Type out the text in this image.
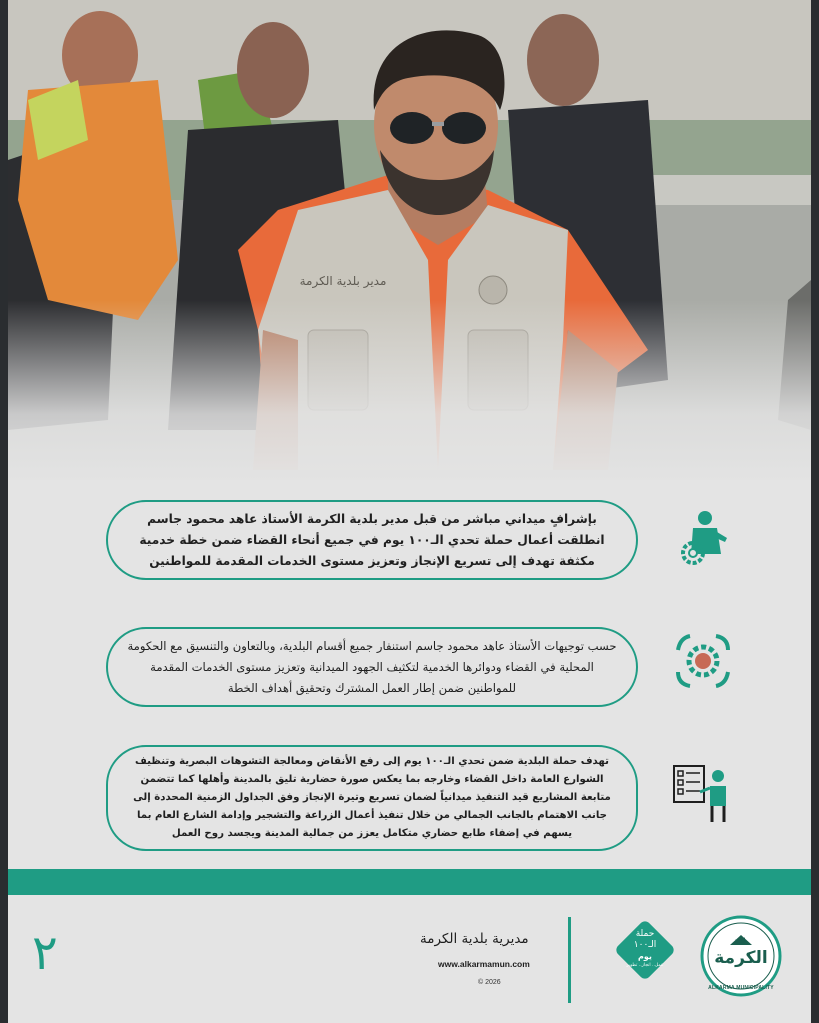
مدير بلدية الكرمة

بإشرافٍ ميداني مباشر من قبل مدير بلدية الكرمة الأستاذ عاهد محمود جاسم انطلقت أعمال حملة تحدي الـ١٠٠ يوم في جميع أنحاء القضاء ضمن خطة خدمية مكثفة تهدف إلى تسريع الإنجاز وتعزيز مستوى الخدمات المقدمة للمواطنين

حسب توجيهات الأستاذ عاهد محمود جاسم استنفار جميع أقسام البلدية، وبالتعاون والتنسيق مع الحكومة المحلية في القضاء ودوائرها الخدمية لتكثيف الجهود الميدانية وتعزيز مستوى الخدمات المقدمة للمواطنين ضمن إطار العمل المشترك وتحقيق أهداف الخطة

تهدف حملة البلدية ضمن تحدي الـ١٠٠ يوم إلى رفع الأنقاض ومعالجة التشوهات البصرية وتنظيف الشوارع العامة داخل القضاء وخارجه بما يعكس صورة حضارية تليق بالمدينة وأهلها كما تتضمن متابعة المشاريع قيد التنفيذ ميدانياً لضمان تسريع وتيرة الإنجاز وفق الجداول الزمنية المحددة إلى جانب الاهتمام بالجانب الجمالي من خلال تنفيذ أعمال الزراعة والتشجير وإدامة الشارع العام بما يسهم في إضفاء طابع حضاري متكامل يعزز من جمالية المدينة ويجسد روح العمل

٢	مديرية بلدية الكرمة
www.alkarmamun.com
© 2026
حملة
الـ١٠٠
يوم
عمل.. انجاز.. تطوير
بلدية
الكرمة
ALKARMA MUNICIPALITY
